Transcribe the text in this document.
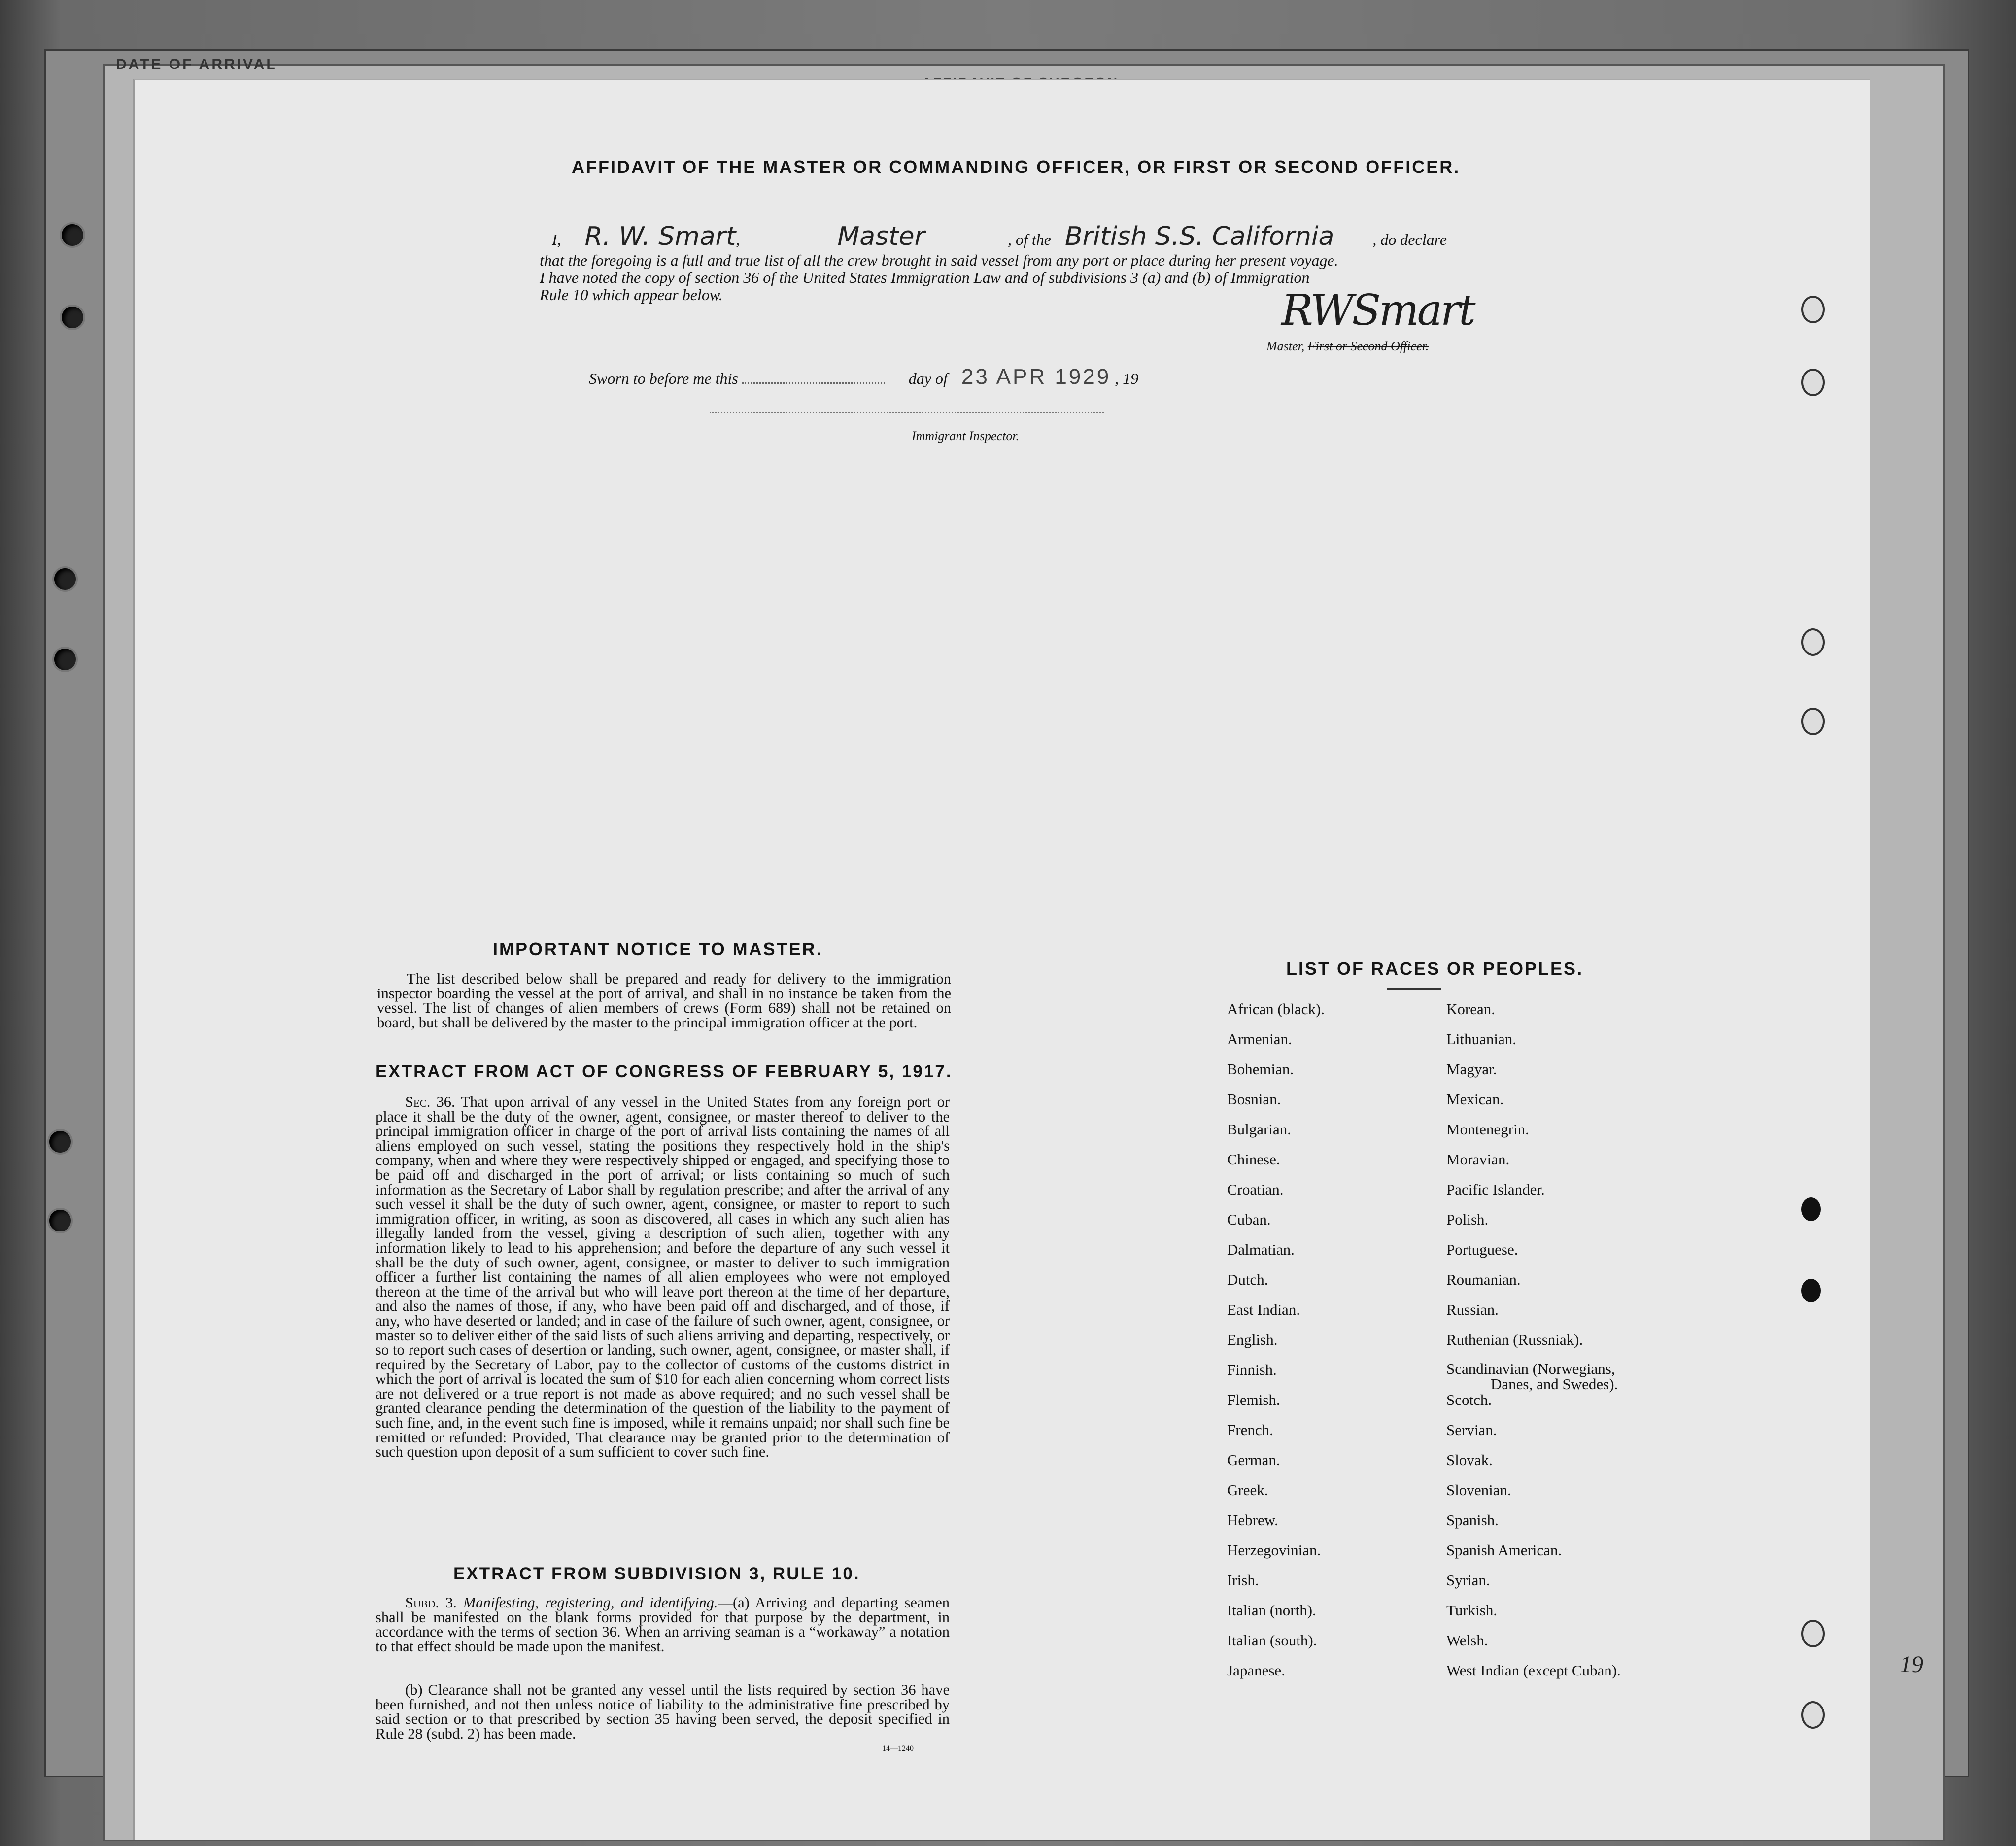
DATE OF ARRIVAL
19
AFFIDAVIT OF THE MASTER OR COMMANDING OFFICER, OR FIRST OR SECOND OFFICER.
I, R. W. Smart,	Master	, of the British S.S. California , do declare
that the foregoing is a full and true list of all the crew brought in said vessel from any port or place during her present voyage.
I have noted the copy of section 36 of the United States Immigration Law and of subdivisions 3 (a) and (b) of Immigration
Rule 10 which appear below.	RWSmart
Master, First or Second Officer.
Sworn to before me this	day of 23 APR 1929 , 19
Immigrant Inspector.
IMPORTANT NOTICE TO MASTER.
The list described below shall be prepared and ready for delivery to the immigration inspector boarding the vessel at the port of arrival, and shall in no instance be taken from the vessel. The list of changes of alien members of crews (Form 689) shall not be retained on board, but shall be delivered by the master to the principal immigration officer at the port.
EXTRACT FROM ACT OF CONGRESS OF FEBRUARY 5, 1917.
Sec. 36. That upon arrival of any vessel in the United States from any foreign port or place it shall be the duty of the owner, agent, consignee, or master thereof to deliver to the principal immigration officer in charge of the port of arrival lists containing the names of all aliens employed on such vessel, stating the positions they respectively hold in the ship's company, when and where they were respectively shipped or engaged, and specifying those to be paid off and discharged in the port of arrival; or lists containing so much of such information as the Secretary of Labor shall by regulation prescribe; and after the arrival of any such vessel it shall be the duty of such owner, agent, consignee, or master to report to such immigration officer, in writing, as soon as discovered, all cases in which any such alien has illegally landed from the vessel, giving a description of such alien, together with any information likely to lead to his apprehension; and before the departure of any such vessel it shall be the duty of such owner, agent, consignee, or master to deliver to such immigration officer a further list containing the names of all alien employees who were not employed thereon at the time of the arrival but who will leave port thereon at the time of her departure, and also the names of those, if any, who have been paid off and discharged, and of those, if any, who have deserted or landed; and in case of the failure of such owner, agent, consignee, or master so to deliver either of the said lists of such aliens arriving and departing, respectively, or so to report such cases of desertion or landing, such owner, agent, consignee, or master shall, if required by the Secretary of Labor, pay to the collector of customs of the customs district in which the port of arrival is located the sum of $10 for each alien concerning whom correct lists are not delivered or a true report is not made as above required; and no such vessel shall be granted clearance pending the determination of the question of the liability to the payment of such fine, and, in the event such fine is imposed, while it remains unpaid; nor shall such fine be remitted or refunded: Provided, That clearance may be granted prior to the determination of such question upon deposit of a sum sufficient to cover such fine.
EXTRACT FROM SUBDIVISION 3, RULE 10.
Subd. 3. Manifesting, registering, and identifying.—(a) Arriving and departing seamen shall be manifested on the blank forms provided for that purpose by the department, in accordance with the terms of section 36. When an arriving seaman is a “workaway” a notation to that effect should be made upon the manifest.
(b) Clearance shall not be granted any vessel until the lists required by section 36 have been furnished, and not then unless notice of liability to the administrative fine prescribed by said section or to that prescribed by section 35 having been served, the deposit specified in Rule 28 (subd. 2) has been made.
14—1240
LIST OF RACES OR PEOPLES.
African (black).
Armenian.
Bohemian.
Bosnian.
Bulgarian.
Chinese.
Croatian.
Cuban.
Dalmatian.
Dutch.
East Indian.
English.
Finnish.
Flemish.
French.
German.
Greek.
Hebrew.
Herzegovinian.
Irish.
Italian (north).
Italian (south).
Japanese.
Korean.
Lithuanian.
Magyar.
Mexican.
Montenegrin.
Moravian.
Pacific Islander.
Polish.
Portuguese.
Roumanian.
Russian.
Ruthenian (Russniak).
Scandinavian (Norwegians,
Danes, and Swedes).
Scotch.
Servian.
Slovak.
Slovenian.
Spanish.
Spanish American.
Syrian.
Turkish.
Welsh.
West Indian (except Cuban).
